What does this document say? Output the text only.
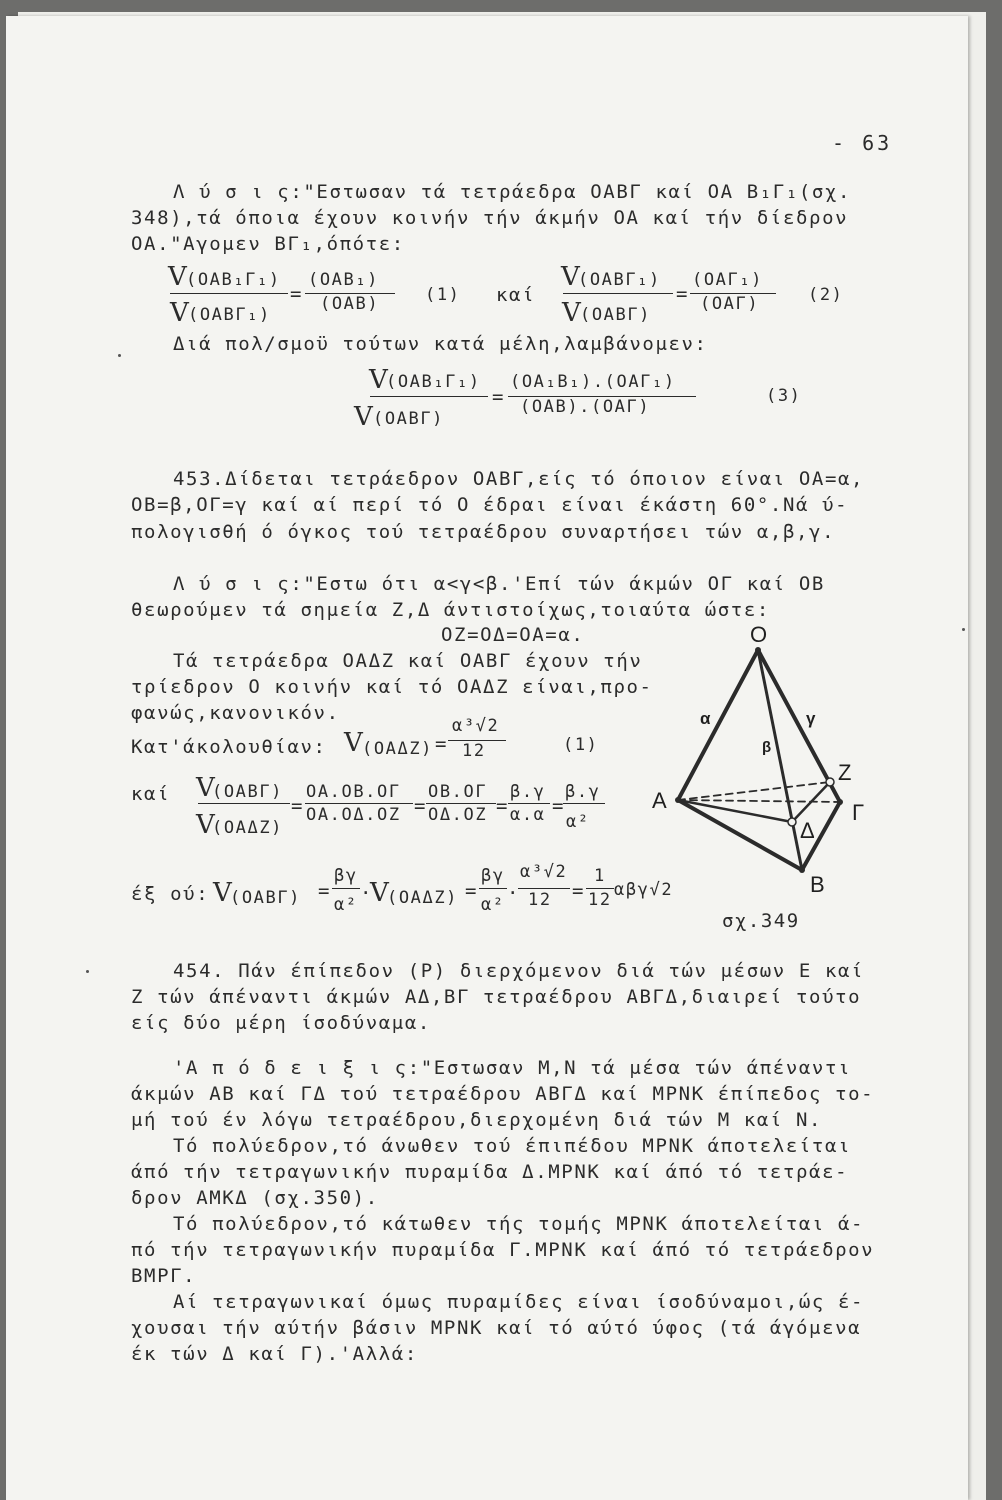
- 63
Λ ύ σ ι ς:"Εστωσαν τά τετράεδρα ΟΑΒΓ καί ΟΑ Β₁Γ₁(σχ.
348),τά όποια έχουν κοινήν τήν άκμήν ΟΑ καί τήν δίεδρον
ΟΑ."Αγομεν ΒΓ₁,όπότε:
V
(ΟΑΒ₁Γ₁)
V
(ΟΑΒΓ₁)
=
(ΟΑΒ₁)
(ΟΑΒ)	(1) καί
V
(ΟΑΒΓ₁)
V
(ΟΑΒΓ)
=
(ΟΑΓ₁)
(ΟΑΓ)	(2)
Διά πολ/σμοϋ τούτων κατά μέλη,λαμβάνομεν:
V
(ΟΑΒ₁Γ₁)
V
(ΟΑΒΓ)
=
(ΟΑ₁Β₁).(ΟΑΓ₁)
(ΟΑΒ).(ΟΑΓ)
(3)
453.Δίδεται τετράεδρον ΟΑΒΓ,είς τό όποιον είναι ΟΑ=α,
ΟΒ=β,ΟΓ=γ καί αί περί τό Ο έδραι είναι έκάστη 60°.Νά ύ-
πολογισθή ό όγκος τού τετραέδρου συναρτήσει τών α,β,γ.
Λ ύ σ ι ς:"Εστω ότι α<γ<β.'Επί τών άκμών ΟΓ καί ΟΒ
θεωρούμεν τά σημεία Ζ,Δ άντιστοίχως,τοιαύτα ώστε:
ΟΖ=ΟΔ=ΟΑ=α.
Τά τετράεδρα ΟΑΔΖ καί ΟΑΒΓ έχουν τήν
τρίεδρον Ο κοινήν καί τό ΟΑΔΖ είναι,προ-
φανώς,κανονικόν.
Κατ'άκολουθίαν: V
(ΟΑΔΖ) =
α³√2
12	(1)
καί V
(ΟΑΒΓ)
V
(ΟΑΔΖ)
=
ΟΑ.ΟΒ.ΟΓ
ΟΑ.ΟΔ.ΟΖ =
ΟΒ.ΟΓ
ΟΔ.ΟΖ =
β.γ
α.α =
β.γ
α²
έξ ού: V
(ΟΑΒΓ) =
βγ
α²
·
V
(ΟΑΔΖ) =
βγ
α²
·
α³√2
12 =
1
12 αβγ√2
O
A
B
Γ
Z
Δ
α
β
γ
σχ.349
454. Πάν έπίπεδον (Ρ) διερχόμενον διά τών μέσων Ε καί
Ζ τών άπέναντι άκμών ΑΔ,ΒΓ τετραέδρου ΑΒΓΔ,διαιρεί τούτο
είς δύο μέρη ίσοδύναμα.
'Α π ό δ ε ι ξ ι ς:"Εστωσαν Μ,Ν τά μέσα τών άπέναντι
άκμών ΑΒ καί ΓΔ τού τετραέδρου ΑΒΓΔ καί ΜΡΝΚ έπίπεδος το-
μή τού έν λόγω τετραέδρου,διερχομένη διά τών Μ καί Ν.
Τό πολύεδρον,τό άνωθεν τού έπιπέδου ΜΡΝΚ άποτελείται
άπό τήν τετραγωνικήν πυραμίδα Δ.ΜΡΝΚ καί άπό τό τετράε-
δρον ΑΜΚΔ (σχ.350).
Τό πολύεδρον,τό κάτωθεν τής τομής ΜΡΝΚ άποτελείται ά-
πό τήν τετραγωνικήν πυραμίδα Γ.ΜΡΝΚ καί άπό τό τετράεδρον
ΒΜΡΓ.
Αί τετραγωνικαί όμως πυραμίδες είναι ίσοδύναμοι,ώς έ-
χουσαι τήν αύτήν βάσιν ΜΡΝΚ καί τό αύτό ύφος (τά άγόμενα
έκ τών Δ καί Γ).'Αλλά:
